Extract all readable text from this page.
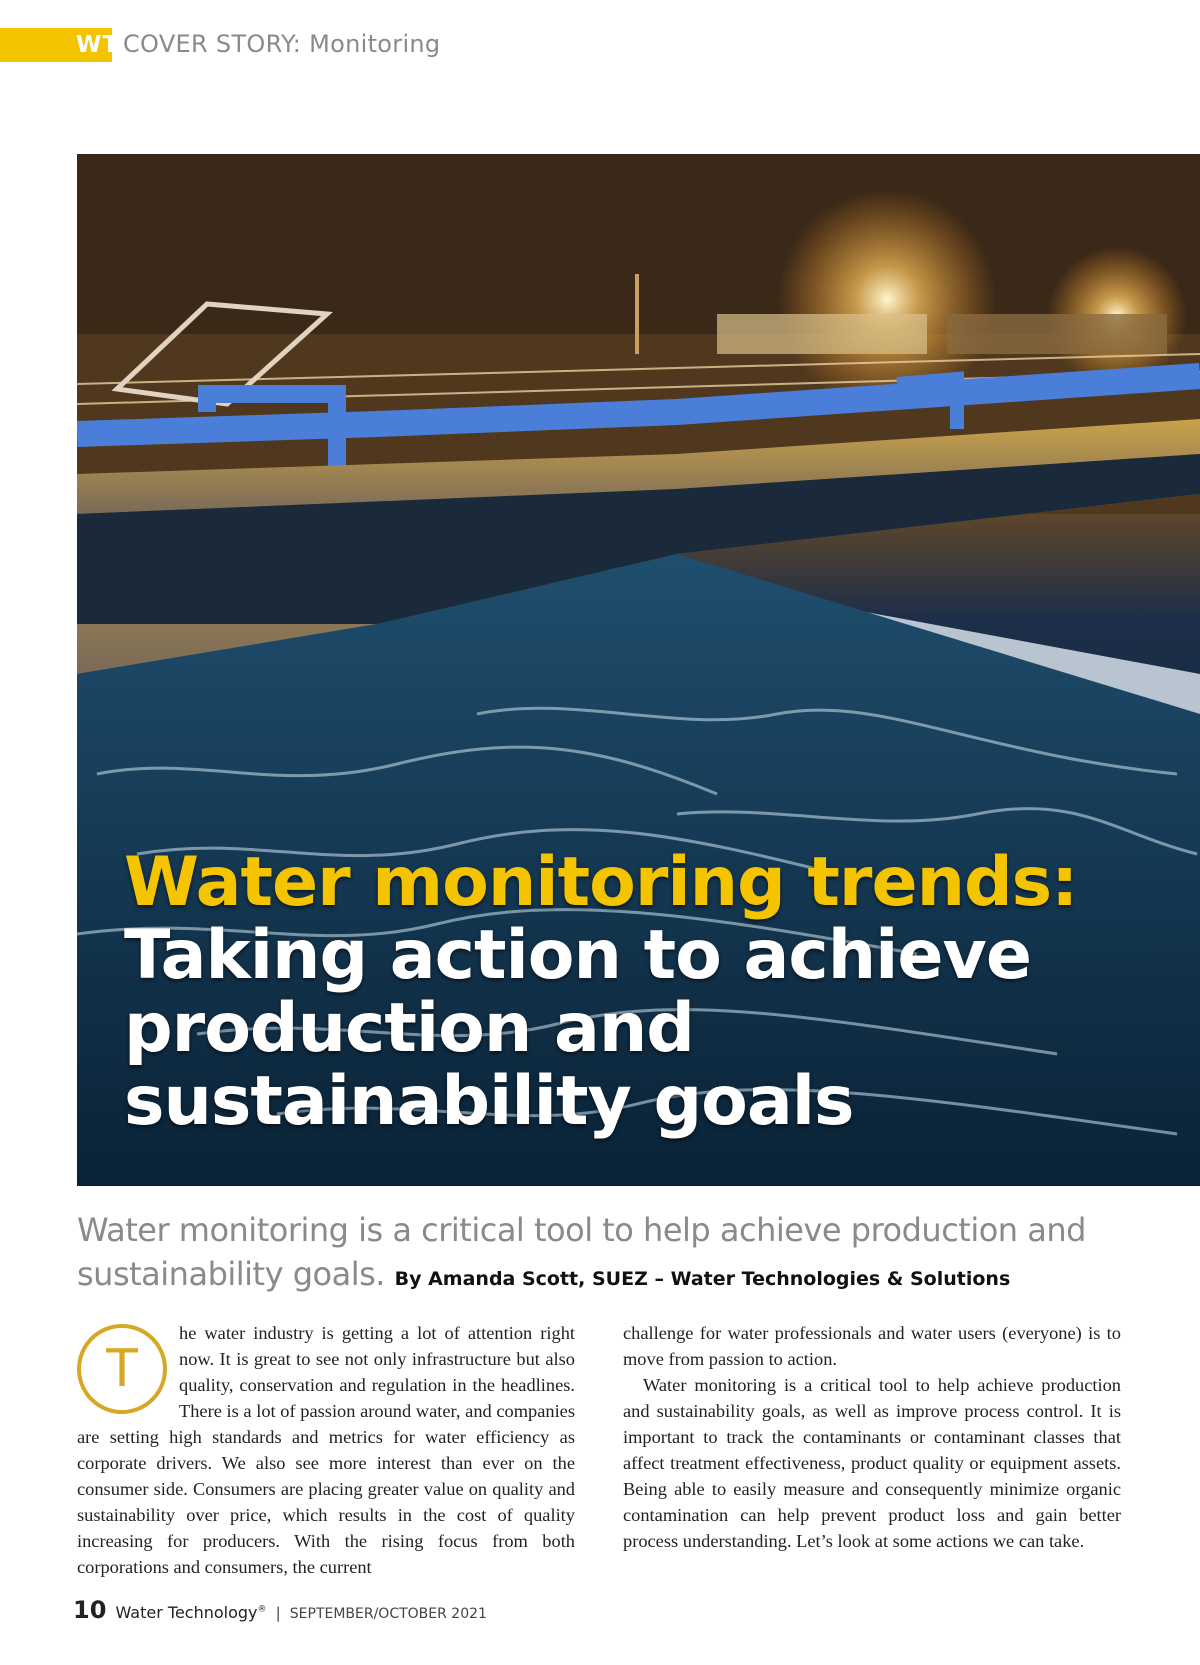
WT COVER STORY: Monitoring
Water monitoring trends:
Taking action to achieve
production and
sustainability goals
Water monitoring is a critical tool to help achieve production and sustainability goals. By Amanda Scott, SUEZ – Water Technologies & Solutions
T

he water industry is getting a lot of attention right now. It is great to see not only infrastructure but also quality, conservation and regulation in the headlines. There is a lot of passion around water, and companies are setting high standards and metrics for water efficiency as corporate drivers. We also see more interest than ever on the consumer side. Consumers are placing greater value on quality and sustainability over price, which results in the cost of quality increasing for producers. With the rising focus from both corporations and consumers, the current

challenge for water professionals and water users (everyone) is to move from passion to action.

Water monitoring is a critical tool to help achieve production and sustainability goals, as well as improve process control. It is important to track the contaminants or contaminant classes that affect treatment effectiveness, product quality or equipment assets. Being able to easily measure and consequently minimize organic contamination can help prevent product loss and gain better process understanding. Let’s look at some actions we can take.

10 Water Technology® | SEPTEMBER/OCTOBER 2021
